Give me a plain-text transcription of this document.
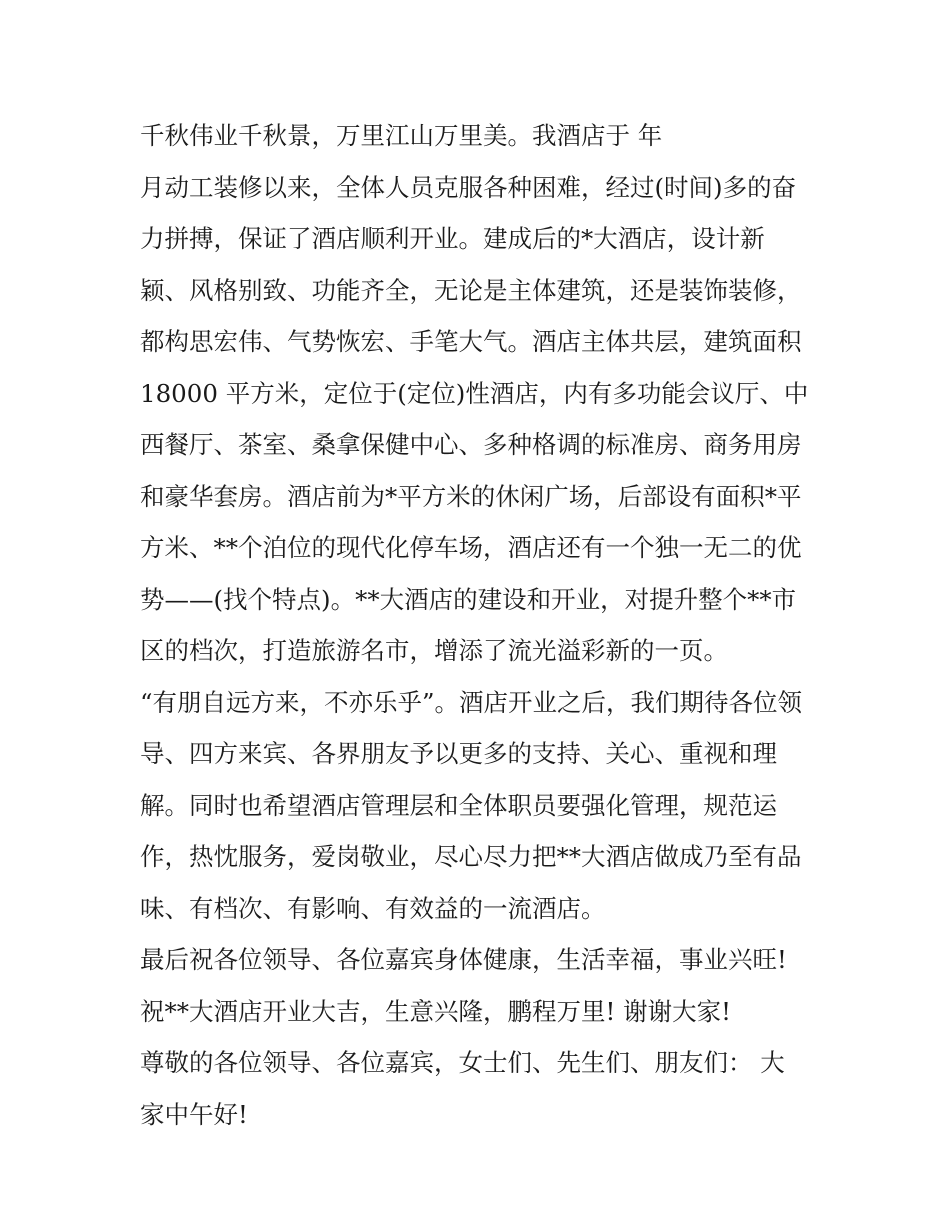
千秋伟业千秋景，万里江山万里美。我酒店于 年

月动工装修以来，全体人员克服各种困难，经过(时间)多的奋

力拼搏，保证了酒店顺利开业。建成后的*大酒店，设计新

颖、风格别致、功能齐全，无论是主体建筑，还是装饰装修，

都构思宏伟、气势恢宏、手笔大气。酒店主体共层，建筑面积

18000 平方米，定位于(定位)性酒店，内有多功能会议厅、中

西餐厅、茶室、桑拿保健中心、多种格调的标准房、商务用房

和豪华套房。酒店前为*平方米的休闲广场，后部设有面积*平

方米、**个泊位的现代化停车场，酒店还有一个独一无二的优

势——(找个特点)。**大酒店的建设和开业，对提升整个**市

区的档次，打造旅游名市，增添了流光溢彩新的一页。

“有朋自远方来，不亦乐乎”。酒店开业之后，我们期待各位领

导、四方来宾、各界朋友予以更多的支持、关心、重视和理

解。同时也希望酒店管理层和全体职员要强化管理，规范运

作，热忱服务，爱岗敬业，尽心尽力把**大酒店做成乃至有品

味、有档次、有影响、有效益的一流酒店。

最后祝各位领导、各位嘉宾身体健康，生活幸福，事业兴旺!

祝**大酒店开业大吉，生意兴隆，鹏程万里! 谢谢大家!

尊敬的各位领导、各位嘉宾，女士们、先生们、朋友们： 大

家中午好!
